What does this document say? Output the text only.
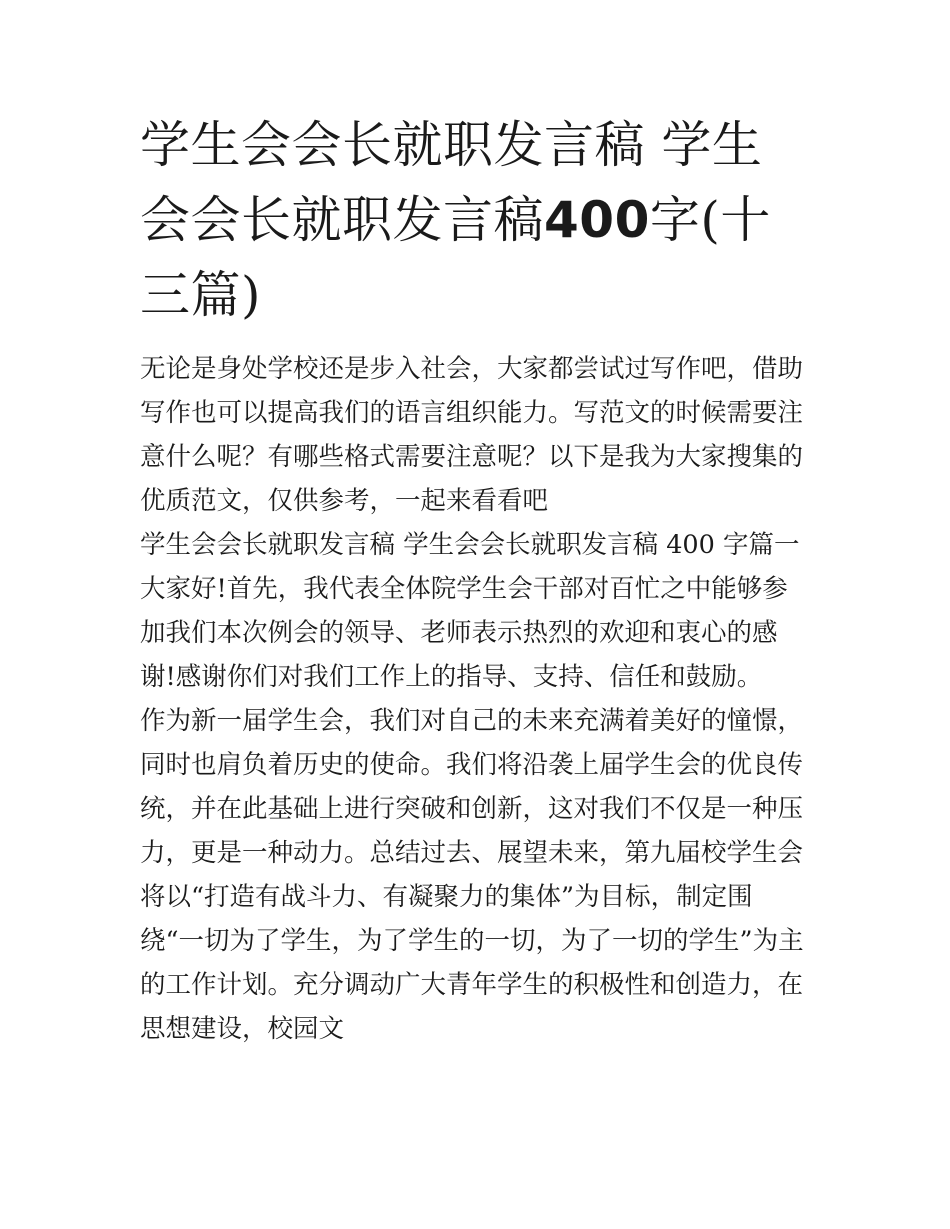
学生会会长就职发言稿 学生会会长就职发言稿400字(十三篇)

无论是身处学校还是步入社会，大家都尝试过写作吧，借助写作也可以提高我们的语言组织能力。写范文的时候需要注意什么呢？有哪些格式需要注意呢？以下是我为大家搜集的优质范文，仅供参考，一起来看看吧

学生会会长就职发言稿 学生会会长就职发言稿 400 字篇一

大家好!首先，我代表全体院学生会干部对百忙之中能够参加我们本次例会的领导、老师表示热烈的欢迎和衷心的感谢!感谢你们对我们工作上的指导、支持、信任和鼓励。

作为新一届学生会，我们对自己的未来充满着美好的憧憬，同时也肩负着历史的使命。我们将沿袭上届学生会的优良传统，并在此基础上进行突破和创新，这对我们不仅是一种压力，更是一种动力。总结过去、展望未来，第九届校学生会将以“打造有战斗力、有凝聚力的集体”为目标，制定围绕“一切为了学生，为了学生的一切，为了一切的学生”为主的工作计划。充分调动广大青年学生的积极性和创造力，在思想建设，校园文
